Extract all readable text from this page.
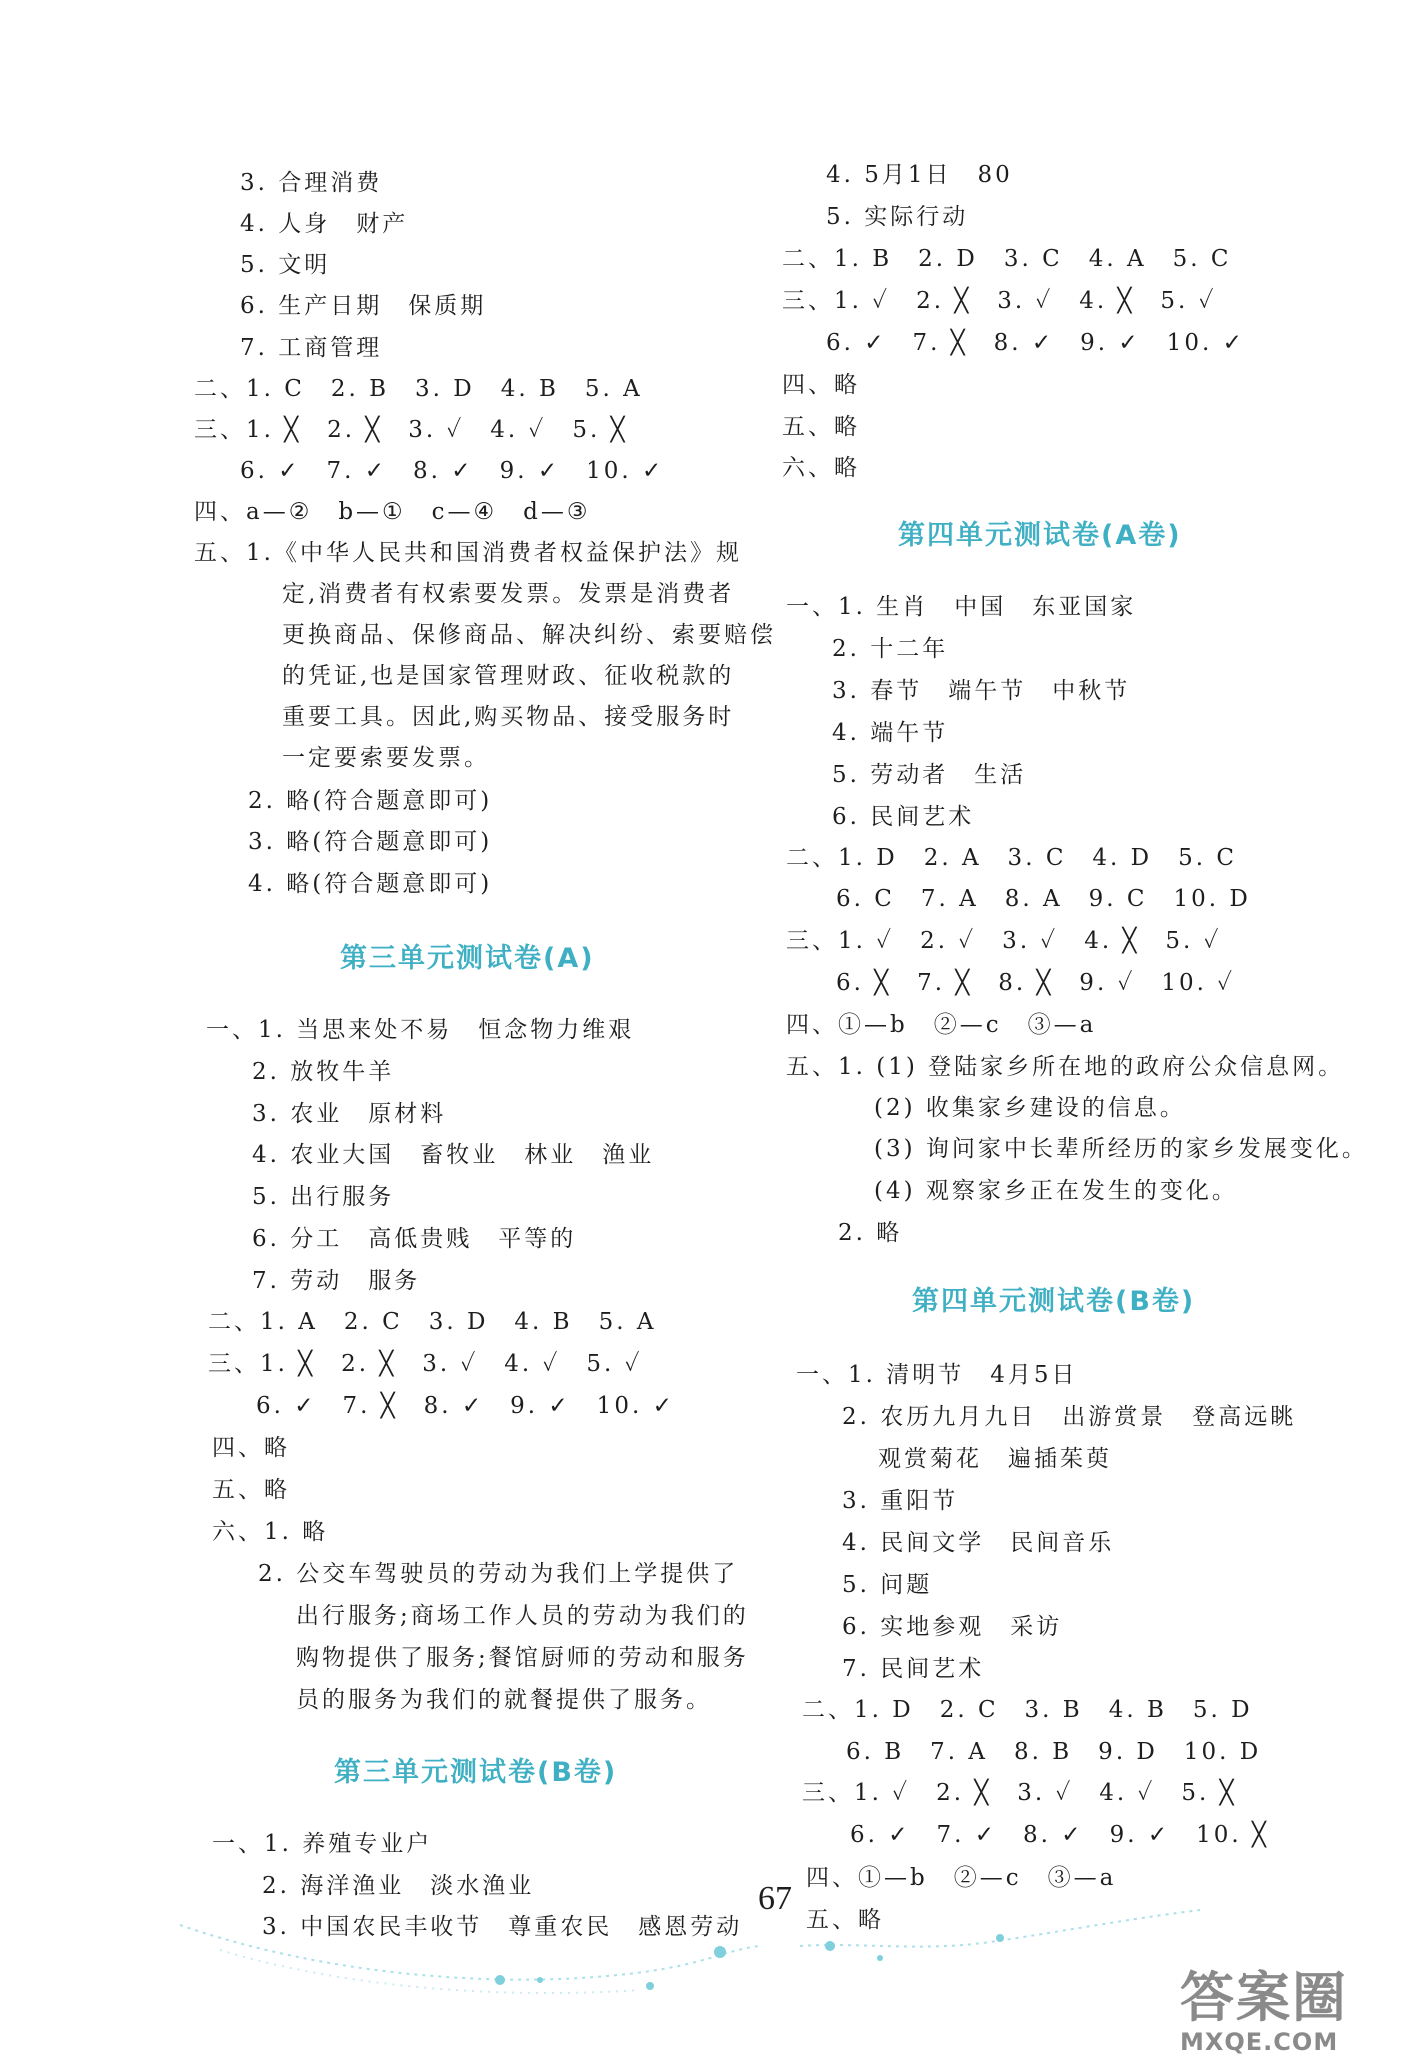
3. 合理消费
4. 人身　财产
5. 文明
6. 生产日期　保质期
7. 工商管理
二、1. C　2. B　3. D　4. B　5. A
三、1. ╳　2. ╳　3. ✓　4. ✓　5. ╳
6. ✓　7. ✓　8. ✓　9. ✓　10. ✓
四、a—②　b—①　c—④　d—③
五、1.《中华人民共和国消费者权益保护法》规
定,消费者有权索要发票。发票是消费者
更换商品、保修商品、解决纠纷、索要赔偿
的凭证,也是国家管理财政、征收税款的
重要工具。因此,购买物品、接受服务时
一定要索要发票。
2. 略(符合题意即可)
3. 略(符合题意即可)
4. 略(符合题意即可)
第三单元测试卷(A)
一、1. 当思来处不易　恒念物力维艰
2. 放牧牛羊
3. 农业　原材料
4. 农业大国　畜牧业　林业　渔业
5. 出行服务
6. 分工　高低贵贱　平等的
7. 劳动　服务
二、1. A　2. C　3. D　4. B　5. A
三、1. ╳　2. ╳　3. ✓　4. ✓　5. ✓
6. ✓　7. ╳　8. ✓　9. ✓　10. ✓
四、略
五、略
六、1. 略
2. 公交车驾驶员的劳动为我们上学提供了
出行服务;商场工作人员的劳动为我们的
购物提供了服务;餐馆厨师的劳动和服务
员的服务为我们的就餐提供了服务。
第三单元测试卷(B卷)
一、1. 养殖专业户
2. 海洋渔业　淡水渔业
3. 中国农民丰收节　尊重农民　感恩劳动
4. 5月1日　80
5. 实际行动
二、1. B　2. D　3. C　4. A　5. C
三、1. ✓　2. ╳　3. ✓　4. ╳　5. ✓
6. ✓　7. ╳　8. ✓　9. ✓　10. ✓
四、略
五、略
六、略
第四单元测试卷(A卷)
一、1. 生肖　中国　东亚国家
2. 十二年
3. 春节　端午节　中秋节
4. 端午节
5. 劳动者　生活
6. 民间艺术
二、1. D　2. A　3. C　4. D　5. C
6. C　7. A　8. A　9. C　10. D
三、1. ✓　2. ✓　3. ✓　4. ╳　5. ✓
6. ╳　7. ╳　8. ╳　9. ✓　10. ✓
四、①—b　②—c　③—a
五、1. (1) 登陆家乡所在地的政府公众信息网。
(2) 收集家乡建设的信息。
(3) 询问家中长辈所经历的家乡发展变化。
(4) 观察家乡正在发生的变化。
2. 略
第四单元测试卷(B卷)
一、1. 清明节　4月5日
2. 农历九月九日　出游赏景　登高远眺
观赏菊花　遍插茱萸
3. 重阳节
4. 民间文学　民间音乐
5. 问题
6. 实地参观　采访
7. 民间艺术
二、1. D　2. C　3. B　4. B　5. D
6. B　7. A　8. B　9. D　10. D
三、1. ✓　2. ╳　3. ✓　4. ✓　5. ╳
6. ✓　7. ✓　8. ✓　9. ✓　10. ╳
四、①—b　②—c　③—a
五、略
67
答案圈
MXQE.COM
